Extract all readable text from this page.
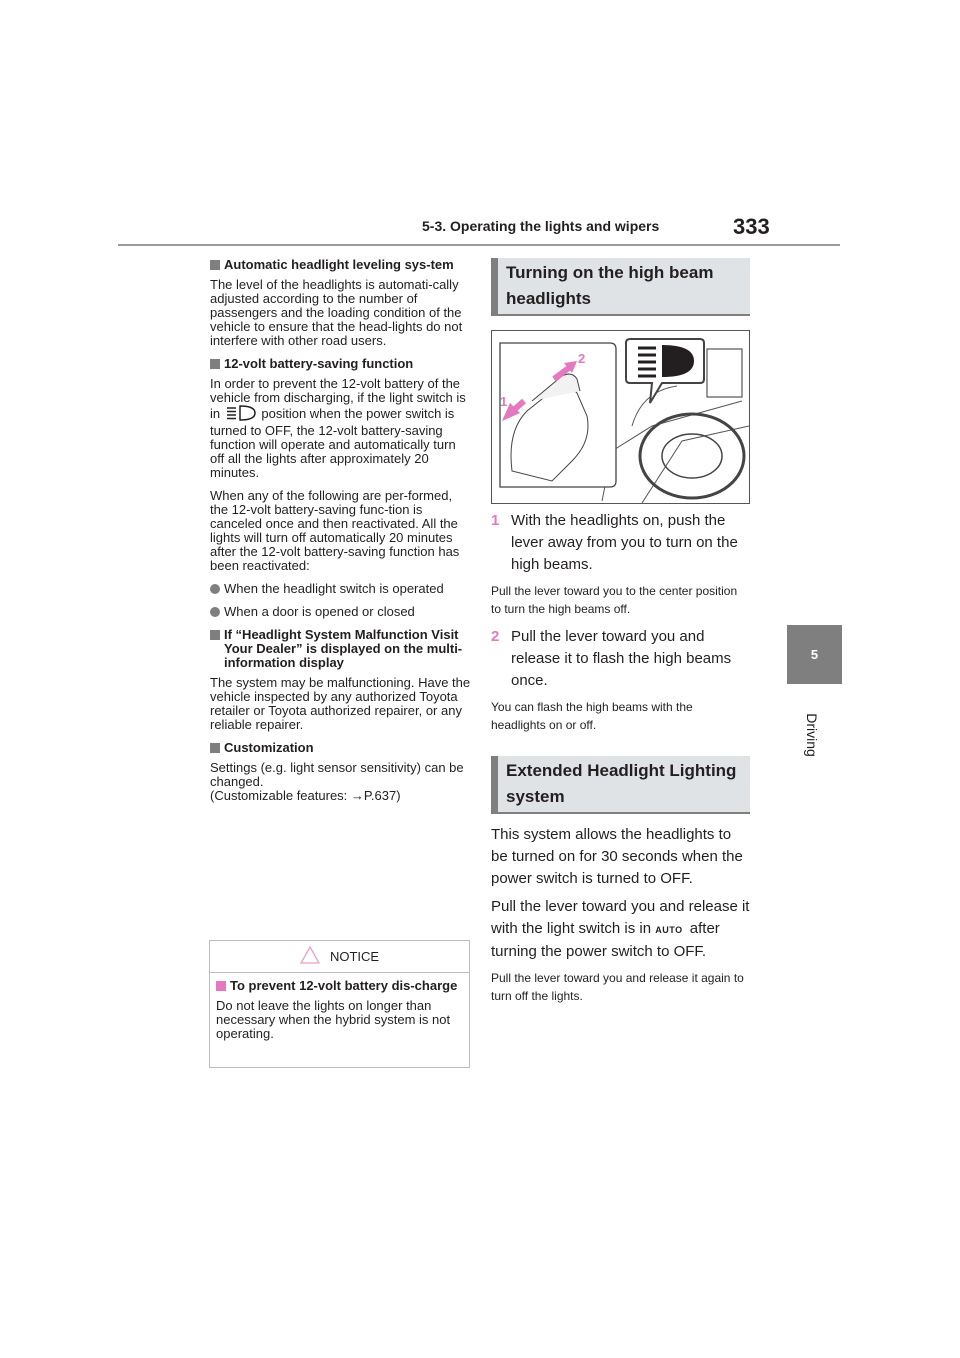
5-3. Operating the lights and wipers	333
5
Driving
Automatic headlight leveling sys-tem

The level of the headlights is automati-cally adjusted according to the number of passengers and the loading condition of the vehicle to ensure that the head-lights do not interfere with other road users.

12-volt battery-saving function

In order to prevent the 12-volt battery of the vehicle from discharging, if the light switch is in	position when the power switch is turned to OFF, the 12-volt battery-saving function will operate and automatically turn off all the lights after approximately 20 minutes.

When any of the following are per-formed, the 12-volt battery-saving func-tion is canceled once and then reactivated. All the lights will turn off automatically 20 minutes after the 12-volt battery-saving function has been reactivated:

When the headlight switch is operated
When a door is opened or closed
If “Headlight System Malfunction Visit Your Dealer” is displayed on the multi-information display

The system may be malfunctioning. Have the vehicle inspected by any authorized Toyota retailer or Toyota authorized repairer, or any reliable repairer.

Customization

Settings (e.g. light sensor sensitivity) can be changed.
(Customizable features: →P.637)

NOTICE
To prevent 12-volt battery dis-charge

Do not leave the lights on longer than necessary when the hybrid system is not operating.

Turning on the high beam headlights
1
2
1 With the headlights on, push the lever away from you to turn on the high beams.

Pull the lever toward you to the center position to turn the high beams off.

2 Pull the lever toward you and release it to flash the high beams once.

You can flash the high beams with the headlights on or off.

Extended Headlight Lighting system

This system allows the headlights to be turned on for 30 seconds when the power switch is turned to OFF.

Pull the lever toward you and release it with the light switch is in AUTO after turning the power switch to OFF.

Pull the lever toward you and release it again to turn off the lights.
